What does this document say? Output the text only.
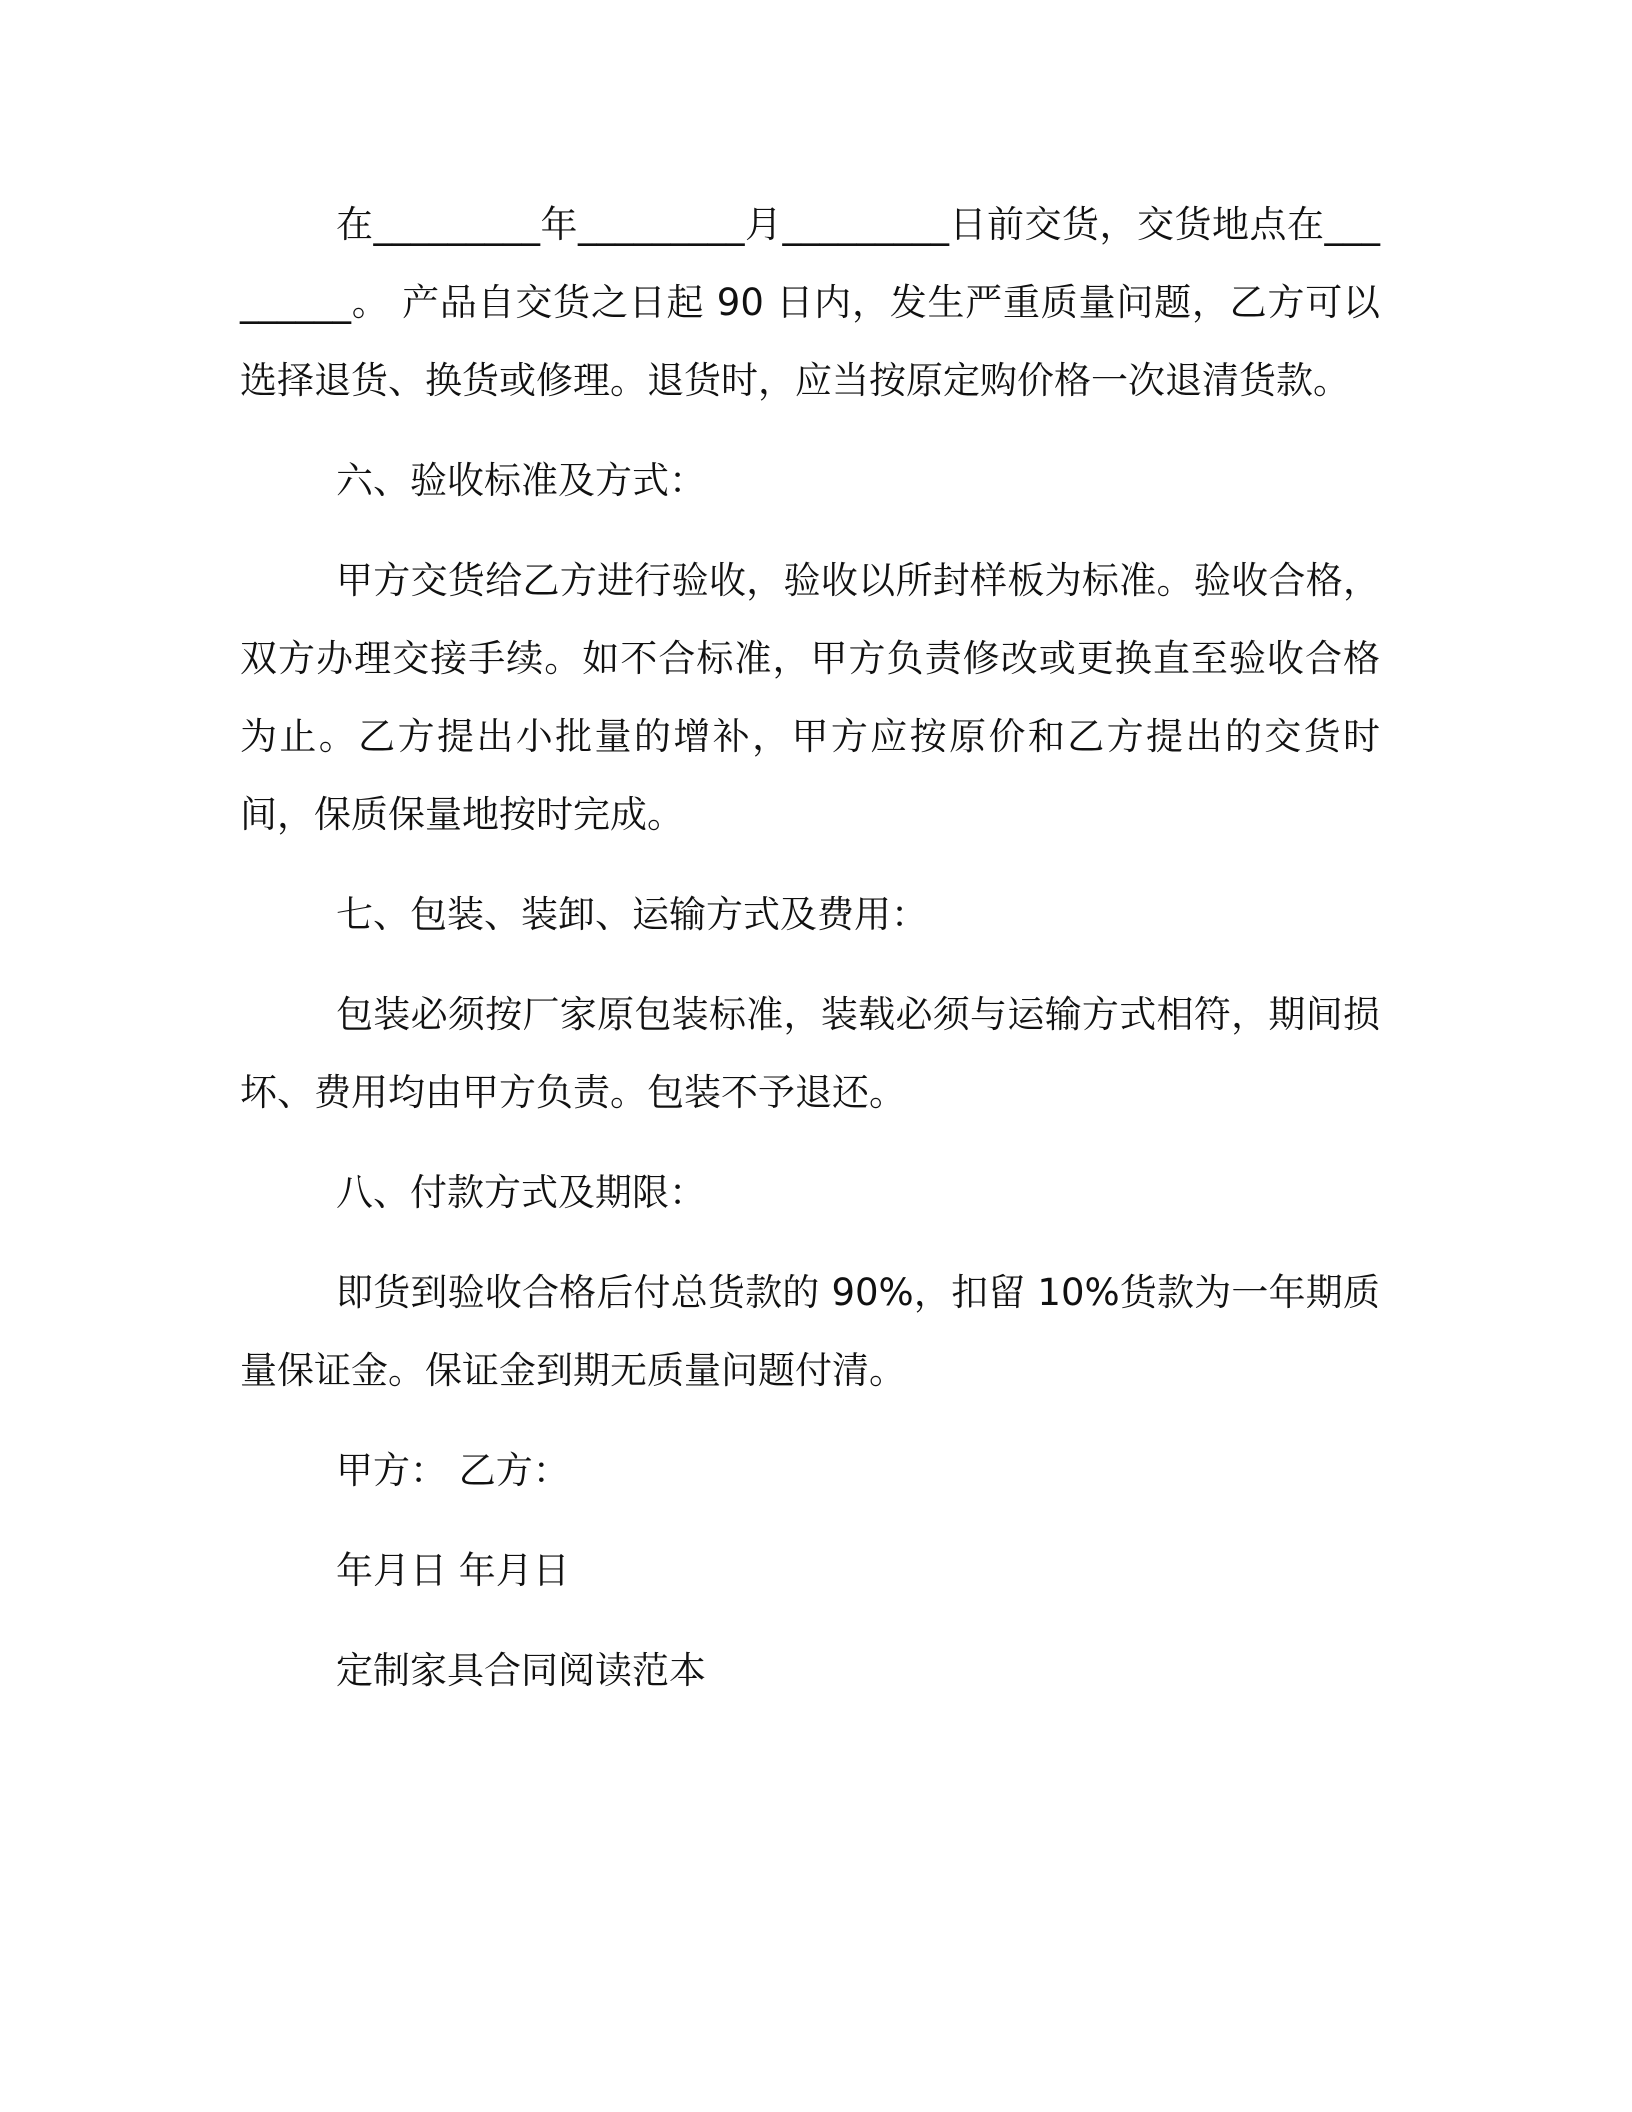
在_________年_________月_________日前交货，交货地点在_________。 产品自交货之日起 90 日内，发生严重质量问题，乙方可以选择退货、换货或修理。退货时，应当按原定购价格一次退清货款。

六、验收标准及方式：

甲方交货给乙方进行验收，验收以所封样板为标准。验收合格，双方办理交接手续。如不合标准，甲方负责修改或更换直至验收合格为止。乙方提出小批量的增补，甲方应按原价和乙方提出的交货时间，保质保量地按时完成。

七、包装、装卸、运输方式及费用：

包装必须按厂家原包装标准，装载必须与运输方式相符，期间损坏、费用均由甲方负责。包装不予退还。

八、付款方式及期限：

即货到验收合格后付总货款的 90%，扣留 10%货款为一年期质量保证金。保证金到期无质量问题付清。

甲方： 乙方：

年月日 年月日

定制家具合同阅读范本
